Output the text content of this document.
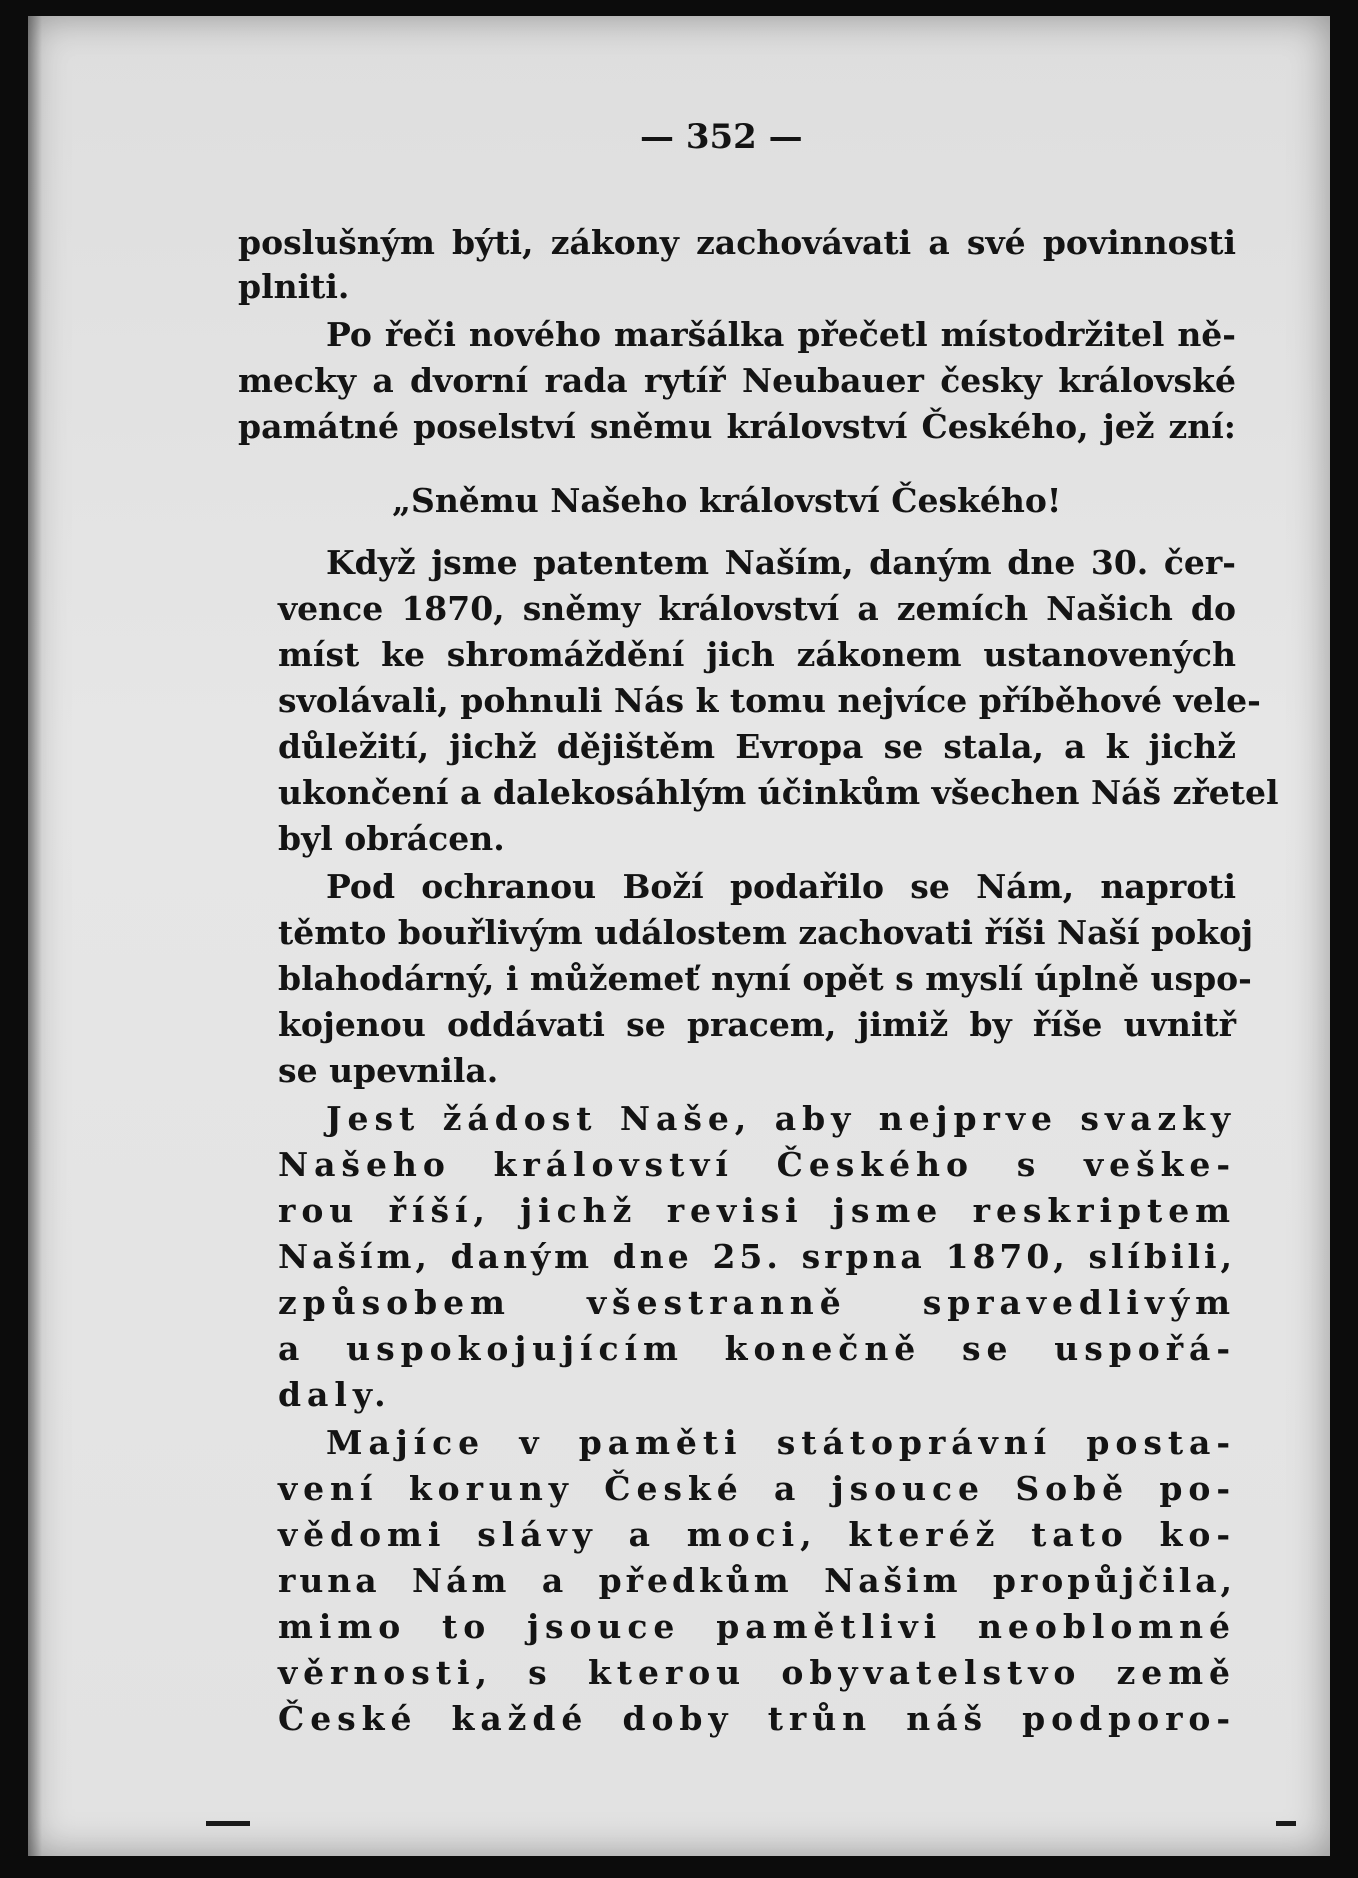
— 352 —
poslušným býti, zákony zachovávati a své povinnosti
plniti.
Po řeči nového maršálka přečetl místodržitel ně-
mecky a dvorní rada rytíř Neubauer česky královské
památné poselství sněmu království Českého, jež zní:
„Sněmu Našeho království Českého!
Když jsme patentem Naším, daným dne 30. čer-
vence 1870, sněmy království a zemích Našich do
míst ke shromáždění jich zákonem ustanovených
svolávali, pohnuli Nás k tomu nejvíce příběhové vele-
důležití, jichž dějištěm Evropa se stala, a k jichž
ukončení a dalekosáhlým účinkům všechen Náš zřetel
byl obrácen.
Pod ochranou Boží podařilo se Nám, naproti
těmto bouřlivým událostem zachovati říši Naší pokoj
blahodárný, i můžemeť nyní opět s myslí úplně uspo-
kojenou oddávati se pracem, jimiž by říše uvnitř
se upevnila.
Jest žádost Naše, aby nejprve svazky
Našeho království Českého s veške-
rou říší, jichž revisi jsme reskriptem
Naším, daným dne 25. srpna 1870, slíbili,
způsobem všestranně spravedlivým
a uspokojujícím konečně se uspořá-
daly.
Majíce v paměti státoprávní posta-
vení koruny České a jsouce Sobě po-
vědomi slávy a moci, kteréž tato ko-
runa Nám a předkům Našim propůjčila,
mimo to jsouce pamětlivi neoblomné
věrnosti, s kterou obyvatelstvo země
České každé doby trůn náš podporo-
